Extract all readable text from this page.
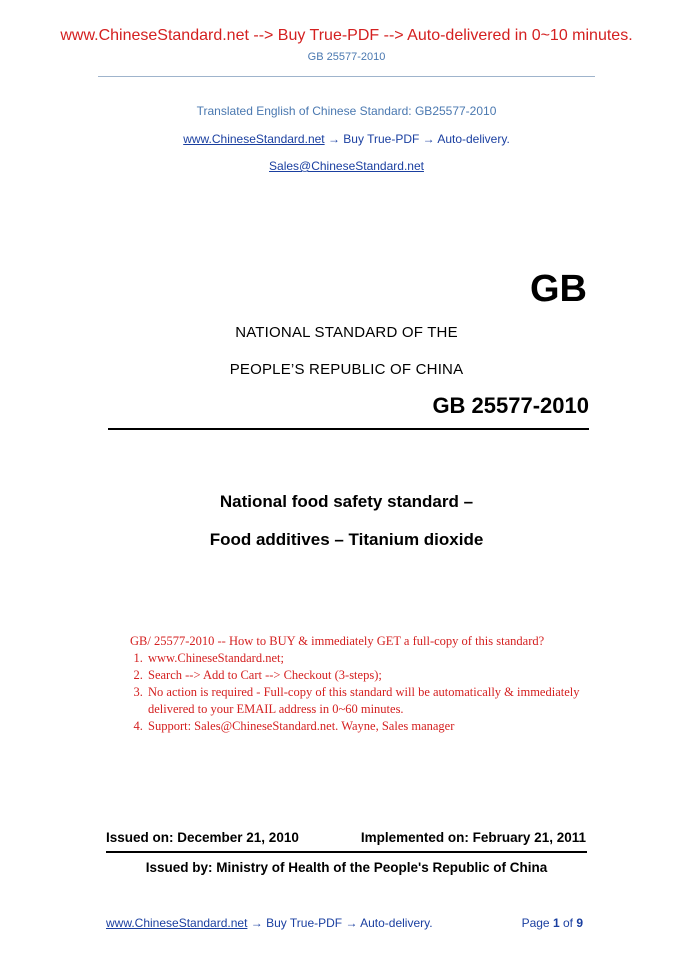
www.ChineseStandard.net --> Buy True-PDF --> Auto-delivered in 0~10 minutes.
GB 25577-2010
Translated English of Chinese Standard: GB25577-2010
www.ChineseStandard.net → Buy True-PDF → Auto-delivery.
Sales@ChineseStandard.net
GB
NATIONAL STANDARD OF THE
PEOPLE’S REPUBLIC OF CHINA
GB 25577-2010
National food safety standard –
Food additives – Titanium dioxide
GB/ 25577-2010 -- How to BUY & immediately GET a full-copy of this standard?
1. www.ChineseStandard.net;
2. Search --> Add to Cart --> Checkout (3-steps);
3. No action is required - Full-copy of this standard will be automatically & immediately delivered to your EMAIL address in 0~60 minutes.
4. Support: Sales@ChineseStandard.net. Wayne, Sales manager
Issued on: December 21, 2010	Implemented on: February 21, 2011
Issued by: Ministry of Health of the People's Republic of China
www.ChineseStandard.net → Buy True-PDF → Auto-delivery.	Page 1 of 9
